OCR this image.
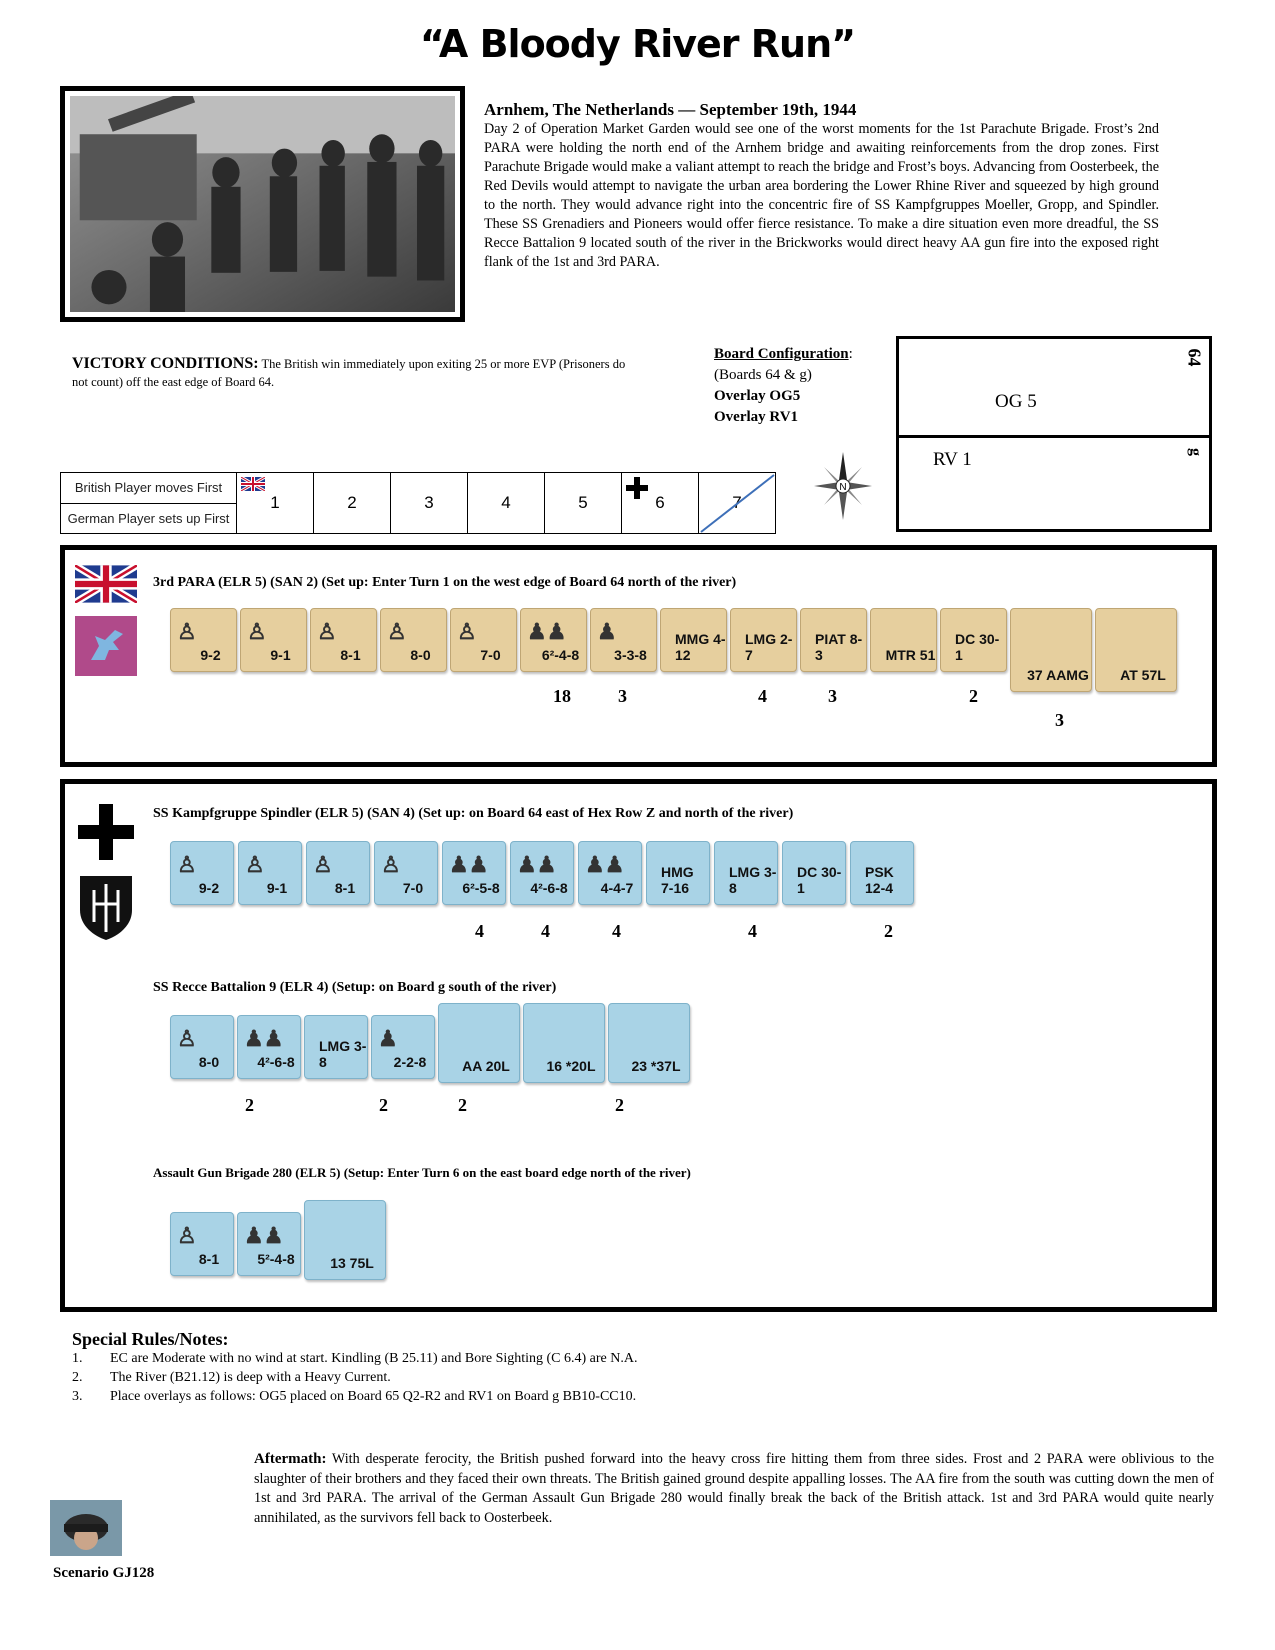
“A Bloody River Run”
Arnhem, The Netherlands — September 19th, 1944
Day 2 of Operation Market Garden would see one of the worst moments for the 1st Parachute Brigade. Frost’s 2nd PARA were holding the north end of the Arnhem bridge and awaiting reinforcements from the drop zones. First Parachute Brigade would make a valiant attempt to reach the bridge and Frost’s boys. Advancing from Oosterbeek, the Red Devils would attempt to navigate the urban area bordering the Lower Rhine River and squeezed by high ground to the north. They would advance right into the concentric fire of SS Kampfgruppes Moeller, Gropp, and Spindler. These SS Grenadiers and Pioneers would offer fierce resistance. To make a dire situation even more dreadful, the SS Recce Battalion 9 located south of the river in the Brickworks would direct heavy AA gun fire into the exposed right flank of the 1st and 3rd PARA.
VICTORY CONDITIONS: The British win immediately upon exiting 25 or more EVP (Prisoners do not count) off the east edge of Board 64.
Board Configuration:
(Boards 64 & g)
Overlay OG5
Overlay RV1
64
OG 5
g
RV 1
British Player moves First	
1	2	3	4	5	6	7
German Player sets up First
N
3rd PARA (ELR 5) (SAN 2) (Set up: Enter Turn 1 on the west edge of Board 64 north of the river)
♙
9-2
♙
9-1
♙
8-1
♙
8-0
♙
7-0
♟♟
6²-4-8
♟
3-3-8
MMG 4-12
LMG 2-7
PIAT 8-3	MTR 51
DC 30-1
37 AAMG AT 57L
18	3	4	3	2
3
SS Kampfgruppe Spindler (ELR 5) (SAN 4) (Set up: on Board 64 east of Hex Row Z and north of the river)
♙
9-2
♙
9-1
♙
8-1
♙
7-0
♟♟
6²-5-8
♟♟
4²-6-8
♟♟
4-4-7
HMG 7-16
LMG 3-8
DC 30-1
PSK 12-4
4	4	4	4	2
SS Recce Battalion 9 (ELR 4) (Setup: on Board g south of the river)
♙
8-0
♟♟
4²-6-8
LMG 3-8
♟
2-2-8	AA 20L	16 *20L	23 *37L
2	2	2	2
Assault Gun Brigade 280 (ELR 5) (Setup: Enter Turn 6 on the east board edge north of the river)
♙
8-1
♟♟
5²-4-8	13 75L
Special Rules/Notes:
1.	EC are Moderate with no wind at start. Kindling (B 25.11) and Bore Sighting (C 6.4) are N.A.
2.	The River (B21.12) is deep with a Heavy Current.
3.	Place overlays as follows: OG5 placed on Board 65 Q2-R2 and RV1 on Board g BB10-CC10.
Aftermath: With desperate ferocity, the British pushed forward into the heavy cross fire hitting them from three sides. Frost and 2 PARA were oblivious to the slaughter of their brothers and they faced their own threats. The British gained ground despite appalling losses. The AA fire from the south was cutting down the men of 1st and 3rd PARA. The arrival of the German Assault Gun Brigade 280 would finally break the back of the British attack. 1st and 3rd PARA would quite nearly annihilated, as the survivors fell back to Oosterbeek.
Scenario GJ128
